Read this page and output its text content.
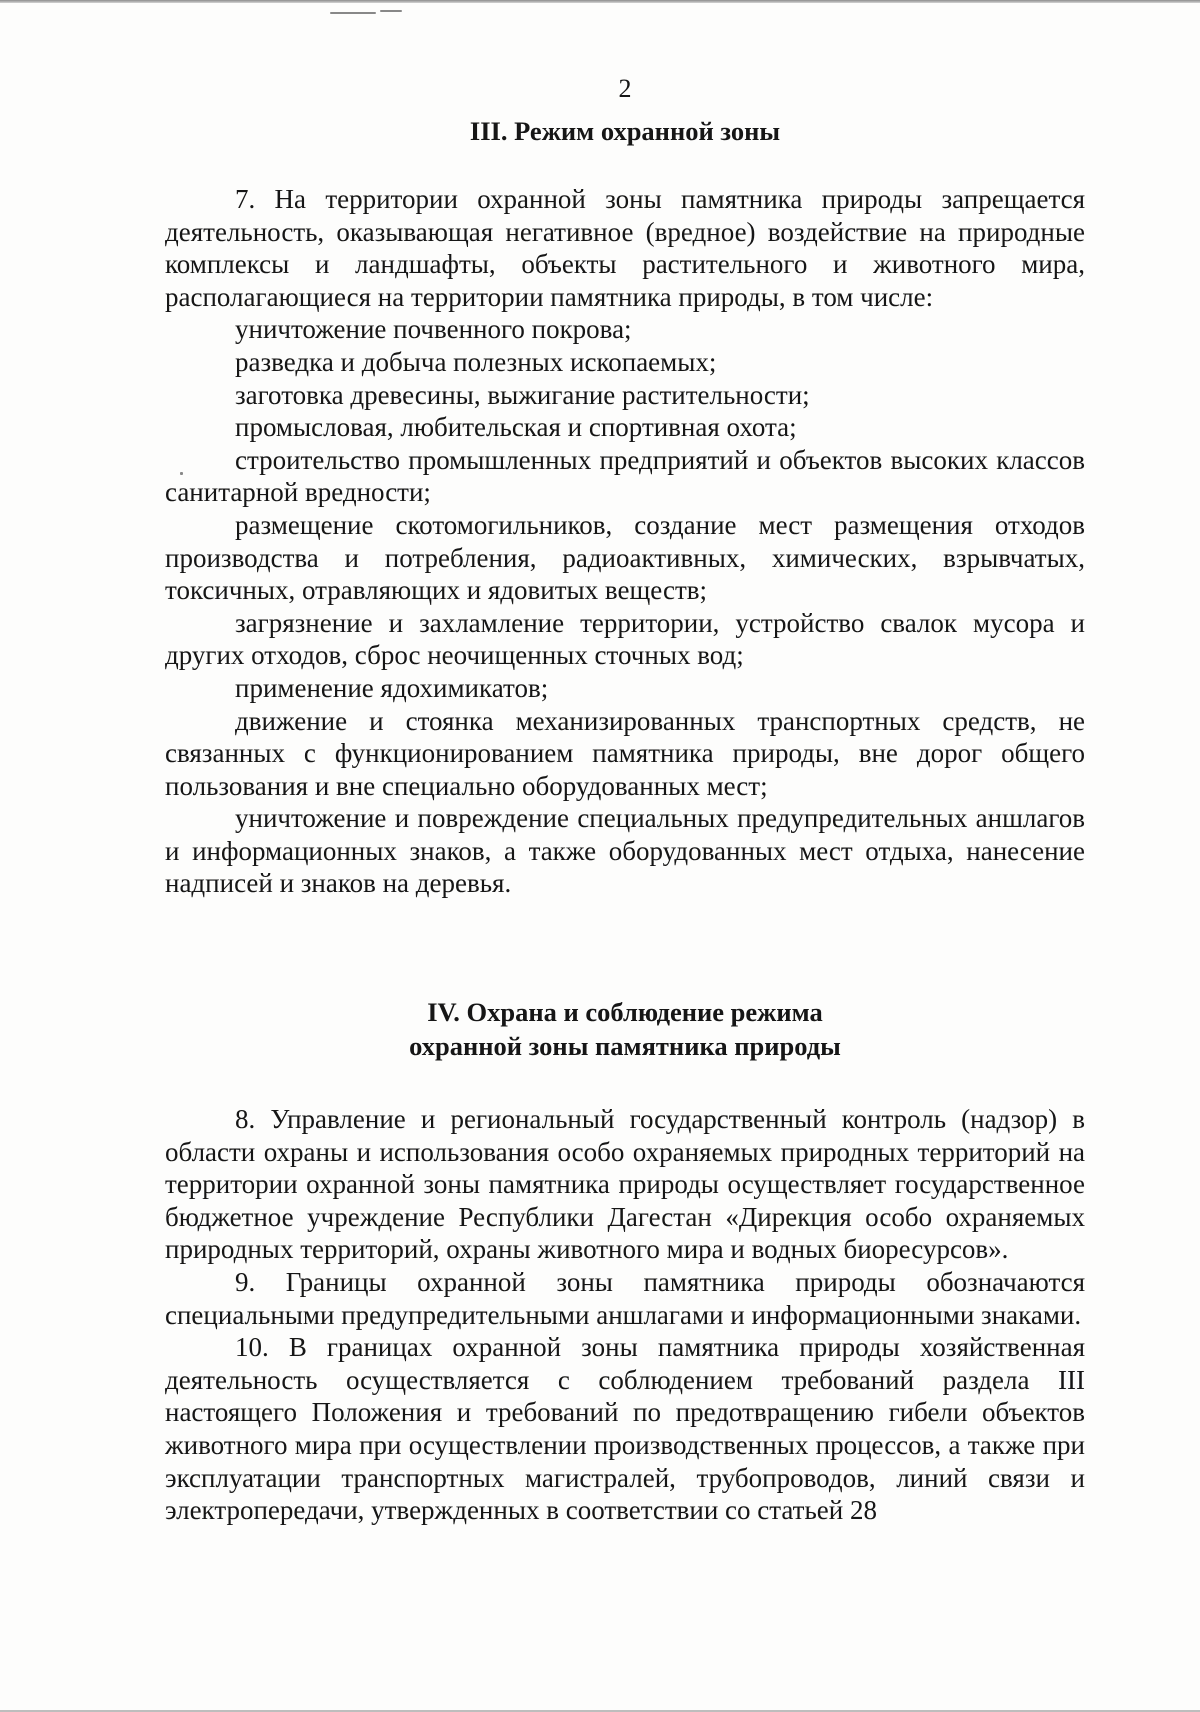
2
III. Режим охранной зоны

7. На территории охранной зоны памятника природы запрещается деятельность, оказывающая негативное (вредное) воздействие на природные комплексы и ландшафты, объекты растительного и животного мира, располагающиеся на территории памятника природы, в том числе:

уничтожение почвенного покрова;

разведка и добыча полезных ископаемых;

заготовка древесины, выжигание растительности;

промысловая, любительская и спортивная охота;

строительство промышленных предприятий и объектов высоких классов санитарной вредности;

размещение скотомогильников, создание мест размещения отходов производства и потребления, радиоактивных, химических, взрывчатых, токсичных, отравляющих и ядовитых веществ;

загрязнение и захламление территории, устройство свалок мусора и других отходов, сброс неочищенных сточных вод;

применение ядохимикатов;

движение и стоянка механизированных транспортных средств, не связанных с функционированием памятника природы, вне дорог общего пользования и вне специально оборудованных мест;

уничтожение и повреждение специальных предупредительных аншлагов и информационных знаков, а также оборудованных мест отдыха, нанесение надписей и знаков на деревья.

IV. Охрана и соблюдение режима
охранной зоны памятника природы

8. Управление и региональный государственный контроль (надзор) в области охраны и использования особо охраняемых природных территорий на территории охранной зоны памятника природы осуществляет государственное бюджетное учреждение Республики Дагестан «Дирекция особо охраняемых природных территорий, охраны животного мира и водных биоресурсов».

9. Границы охранной зоны памятника природы обозначаются специальными предупредительными аншлагами и информационными знаками.

10. В границах охранной зоны памятника природы хозяйственная деятельность осуществляется с соблюдением требований раздела III настоящего Положения и требований по предотвращению гибели объектов животного мира при осуществлении производственных процессов, а также при эксплуатации транспортных магистралей, трубопроводов, линий связи и электропередачи, утвержденных в соответствии со статьей 28
